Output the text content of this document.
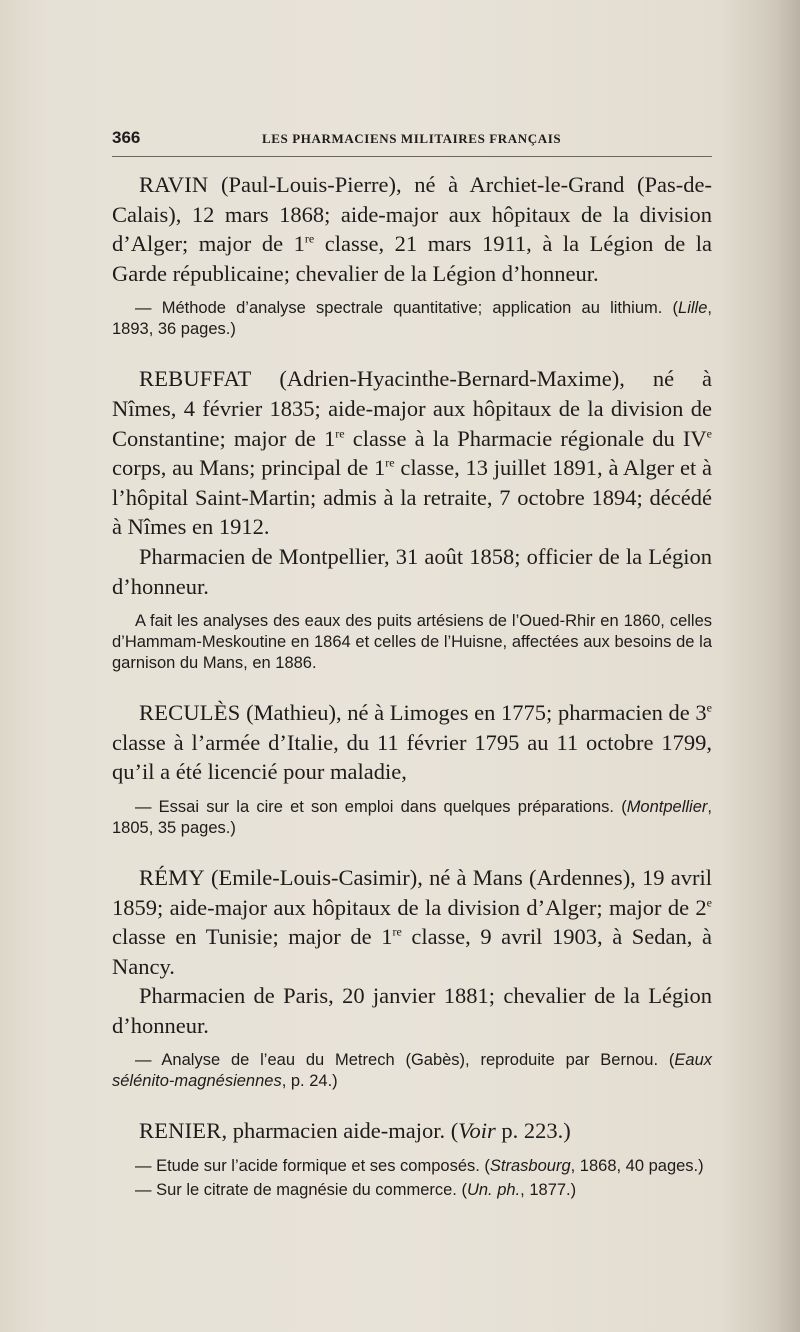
366	LES PHARMACIENS MILITAIRES FRANÇAIS

RAVIN (Paul-Louis-Pierre), né à Archiet-le-Grand (Pas-de-Calais), 12 mars 1868; aide-major aux hôpitaux de la division d’Alger; major de 1re classe, 21 mars 1911, à la Légion de la Garde républicaine; chevalier de la Légion d’honneur.

— Méthode d’analyse spectrale quantitative; application au lithium. (Lille, 1893, 36 pages.)

REBUFFAT (Adrien-Hyacinthe-Bernard-Maxime), né à Nîmes, 4 février 1835; aide-major aux hôpitaux de la division de Constantine; major de 1re classe à la Pharmacie régionale du IVe corps, au Mans; principal de 1re classe, 13 juillet 1891, à Alger et à l’hôpital Saint-Martin; admis à la retraite, 7 octobre 1894; décédé à Nîmes en 1912.

Pharmacien de Montpellier, 31 août 1858; officier de la Légion d’honneur.

A fait les analyses des eaux des puits artésiens de l’Oued-Rhir en 1860, celles d’Hammam-Meskoutine en 1864 et celles de l’Huisne, affectées aux besoins de la garnison du Mans, en 1886.

RECULÈS (Mathieu), né à Limoges en 1775; pharmacien de 3e classe à l’armée d’Italie, du 11 février 1795 au 11 octobre 1799, qu’il a été licencié pour maladie,

— Essai sur la cire et son emploi dans quelques préparations. (Montpellier, 1805, 35 pages.)

RÉMY (Emile-Louis-Casimir), né à Mans (Ardennes), 19 avril 1859; aide-major aux hôpitaux de la division d’Alger; major de 2e classe en Tunisie; major de 1re classe, 9 avril 1903, à Sedan, à Nancy.

Pharmacien de Paris, 20 janvier 1881; chevalier de la Légion d’honneur.

— Analyse de l’eau du Metrech (Gabès), reproduite par Bernou. (Eaux sélénito-magnésiennes, p. 24.)

RENIER, pharmacien aide-major. (Voir p. 223.)

— Etude sur l’acide formique et ses composés. (Strasbourg, 1868, 40 pages.)

— Sur le citrate de magnésie du commerce. (Un. ph., 1877.)
